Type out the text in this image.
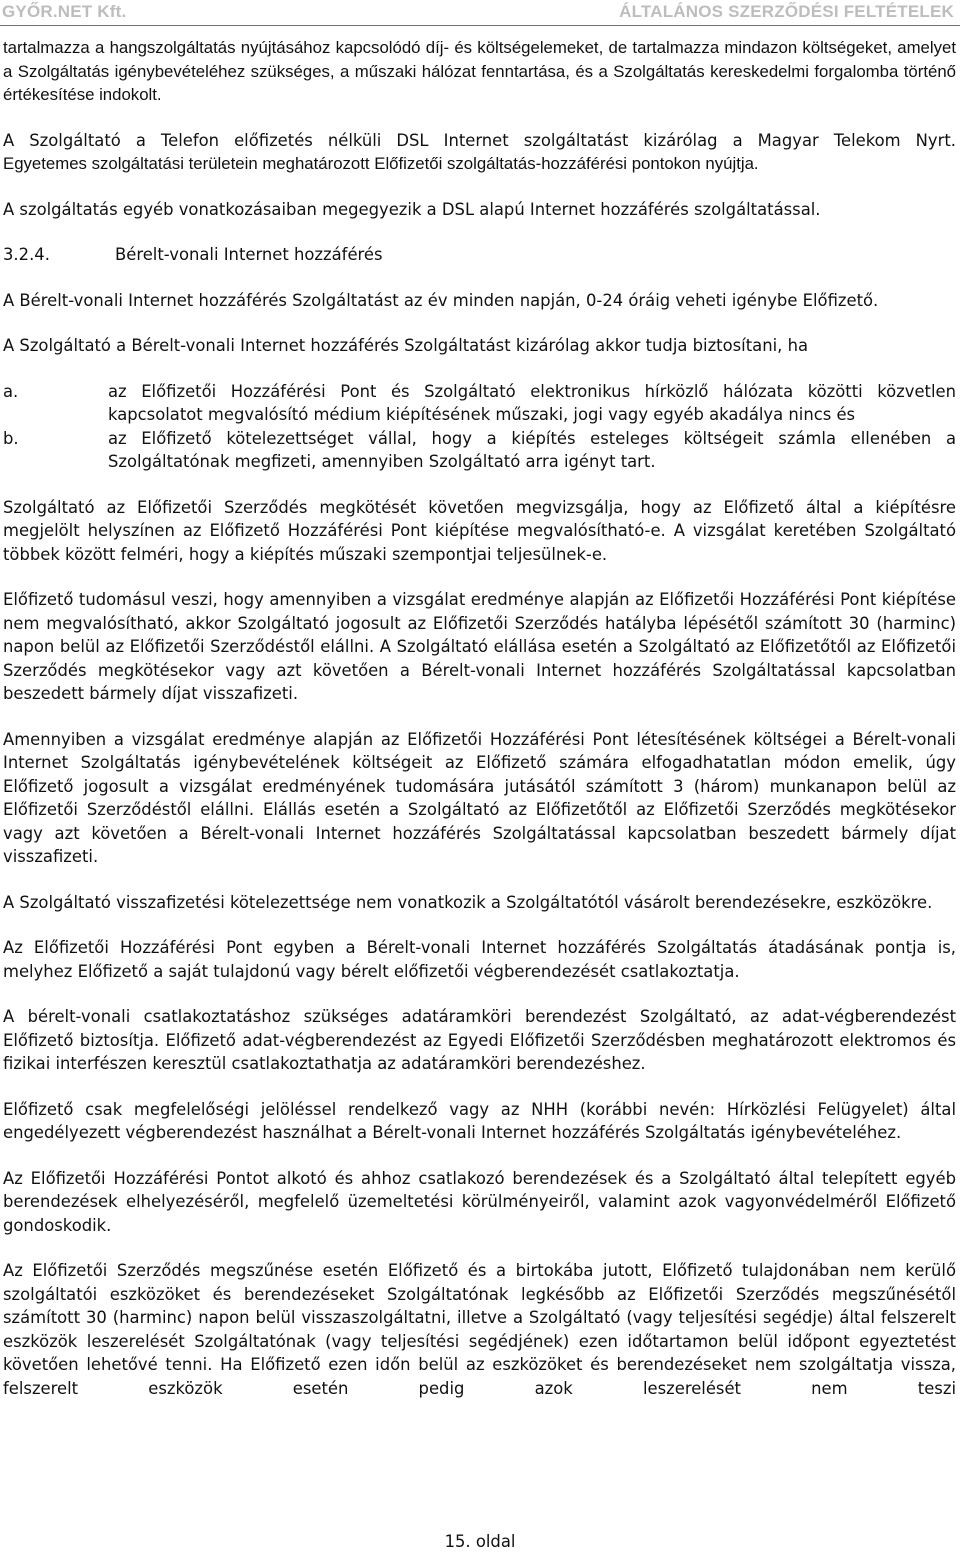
GYŐR.NET Kft.	ÁLTALÁNOS SZERZŐDÉSI FELTÉTELEK

tartalmazza a hangszolgáltatás nyújtásához kapcsolódó díj- és költségelemeket, de tartalmazza mindazon költségeket, amelyet a Szolgáltatás igénybevételéhez szükséges, a műszaki hálózat fenntartása, és a Szolgáltatás kereskedelmi forgalomba történő értékesítése indokolt.

A Szolgáltató a Telefon előfizetés nélküli DSL Internet szolgáltatást kizárólag a Magyar Telekom Nyrt.

Egyetemes szolgáltatási területein meghatározott Előfizetői szolgáltatás-hozzáférési pontokon nyújtja.

A szolgáltatás egyéb vonatkozásaiban megegyezik a DSL alapú Internet hozzáférés szolgáltatással.

3.2.4.	Bérelt-vonali Internet hozzáférés

A Bérelt-vonali Internet hozzáférés Szolgáltatást az év minden napján, 0-24 óráig veheti igénybe Előfizető.

A Szolgáltató a Bérelt-vonali Internet hozzáférés Szolgáltatást kizárólag akkor tudja biztosítani, ha

a.	az Előfizetői Hozzáférési Pont és Szolgáltató elektronikus hírközlő hálózata közötti közvetlen kapcsolatot megvalósító médium kiépítésének műszaki, jogi vagy egyéb akadálya nincs és
b.	az Előfizető kötelezettséget vállal, hogy a kiépítés esteleges költségeit számla ellenében a Szolgáltatónak megfizeti, amennyiben Szolgáltató arra igényt tart.

Szolgáltató az Előfizetői Szerződés megkötését követően megvizsgálja, hogy az Előfizető által a kiépítésre megjelölt helyszínen az Előfizető Hozzáférési Pont kiépítése megvalósítható-e. A vizsgálat keretében Szolgáltató többek között felméri, hogy a kiépítés műszaki szempontjai teljesülnek-e.

Előfizető tudomásul veszi, hogy amennyiben a vizsgálat eredménye alapján az Előfizetői Hozzáférési Pont kiépítése nem megvalósítható, akkor Szolgáltató jogosult az Előfizetői Szerződés hatályba lépésétől számított 30 (harminc) napon belül az Előfizetői Szerződéstől elállni. A Szolgáltató elállása esetén a Szolgáltató az Előfizetőtől az Előfizetői Szerződés megkötésekor vagy azt követően a Bérelt-vonali Internet hozzáférés Szolgáltatással kapcsolatban beszedett bármely díjat visszafizeti.

Amennyiben a vizsgálat eredménye alapján az Előfizetői Hozzáférési Pont létesítésének költségei a Bérelt-vonali Internet Szolgáltatás igénybevételének költségeit az Előfizető számára elfogadhatatlan módon emelik, úgy Előfizető jogosult a vizsgálat eredményének tudomására jutásától számított 3 (három) munkanapon belül az Előfizetői Szerződéstől elállni. Elállás esetén a Szolgáltató az Előfizetőtől az Előfizetői Szerződés megkötésekor vagy azt követően a Bérelt-vonali Internet hozzáférés Szolgáltatással kapcsolatban beszedett bármely díjat visszafizeti.

A Szolgáltató visszafizetési kötelezettsége nem vonatkozik a Szolgáltatótól vásárolt berendezésekre, eszközökre.

Az Előfizetői Hozzáférési Pont egyben a Bérelt-vonali Internet hozzáférés Szolgáltatás átadásának pontja is, melyhez Előfizető a saját tulajdonú vagy bérelt előfizetői végberendezését csatlakoztatja.

A bérelt-vonali csatlakoztatáshoz szükséges adatáramköri berendezést Szolgáltató, az adat-végberendezést Előfizető biztosítja. Előfizető adat-végberendezést az Egyedi Előfizetői Szerződésben meghatározott elektromos és fizikai interfészen keresztül csatlakoztathatja az adatáramköri berendezéshez.

Előfizető csak megfelelőségi jelöléssel rendelkező vagy az NHH (korábbi nevén: Hírközlési Felügyelet) által engedélyezett végberendezést használhat a Bérelt-vonali Internet hozzáférés Szolgáltatás igénybevételéhez.

Az Előfizetői Hozzáférési Pontot alkotó és ahhoz csatlakozó berendezések és a Szolgáltató által telepített egyéb berendezések elhelyezéséről, megfelelő üzemeltetési körülményeiről, valamint azok vagyonvédelméről Előfizető gondoskodik.

Az Előfizetői Szerződés megszűnése esetén Előfizető és a birtokába jutott, Előfizető tulajdonában nem kerülő szolgáltatói eszközöket és berendezéseket Szolgáltatónak legkésőbb az Előfizetői Szerződés megszűnésétől számított 30 (harminc) napon belül visszaszolgáltatni, illetve a Szolgáltató (vagy teljesítési segédje) által felszerelt eszközök leszerelését Szolgáltatónak (vagy teljesítési segédjének) ezen időtartamon belül időpont egyeztetést követően lehetővé tenni. Ha Előfizető ezen időn belül az eszközöket és berendezéseket nem szolgáltatja vissza, felszerelt eszközök esetén pedig azok leszerelését nem teszi

15. oldal
